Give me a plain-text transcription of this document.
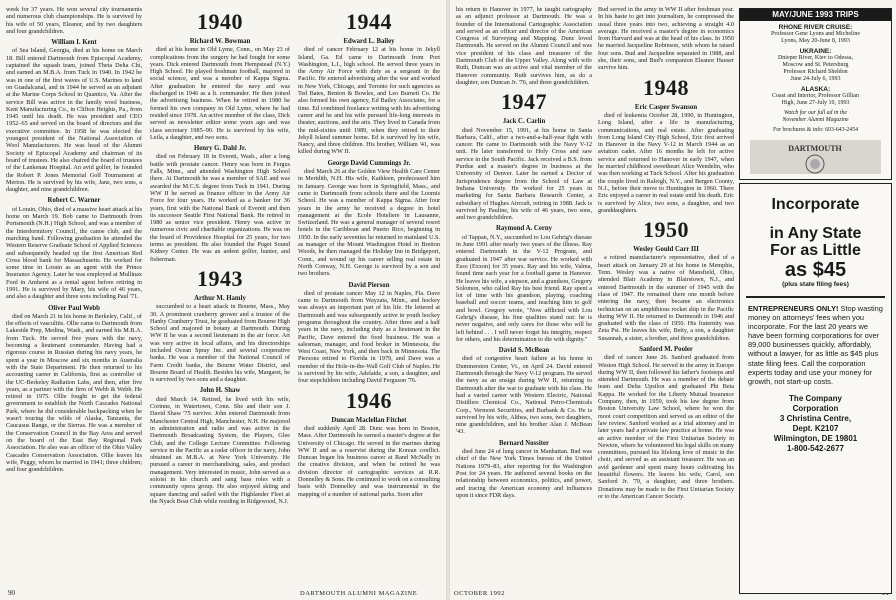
week for 37 years. He won several city tournaments and numerous club championships. He is survived by his wife of 50 years, Eleanor, and by two daughters and four grandchildren.

William I. Kent

of Sea Island, Georgia, died at his home on March 18. Bill entered Dartmouth from Episcopal Academy, captained the squash team, joined Theta Delta Chi, and earned an M.B.A. from Tuck in 1940. In 1942 he was in one of the first waves of U.S. Marines to land on Guadalcanal, and in 1944 he served as an adjutant at the Marine Corps School in Quantico, Va. After the service Bill was active in the family wool business, Kent Manufacturing Co., in Clifton Heights, Pa., from 1945 until his death. He was president and CEO 1952–65 and served on the board of directors and the executive committee. In 1958 he was elected the youngest president of the National Association of Wool Manufacturers. He was head of the Alumni Society of Episcopal Academy and chairman of its board of trustees. He also chaired the board of trustees of the Lankenau Hospital. An avid golfer, he founded the Robert P. Jones Memorial Golf Tournament at Merion. He is survived by his wife, Jane, two sons, a daughter, and nine grandchildren.

Robert C. Warner

of Lorain, Ohio, died of a massive heart attack at his home on March 19. Bob came to Dartmouth from Portsmouth (N.H.) High School, and was a member of the Interdormitory Council, the canoe club, and the marching band. Following graduation he attended the Western Reserve Graduate School of Applied Sciences and subsequently headed up the first American Red Cross blood bank for Massachusetts. He worked for some time in Lorain as an agent with the Prince Insurance Agency. Later he was employed at Mullinax Ford in Amherst as a rental agent before retiring in 1991. He is survived by Mary, his wife of 46 years, and also a daughter and three sons including Paul '71.

Oliver Paul Webb

died on March 21 in his home in Berkeley, Calif., of the effects of vasculitis. Ollie came to Dartmouth from Lakeside Prep, Medina, Wash., and earned his M.B.A. from Tuck. He served five years with the navy, becoming a lieutenant commander. Having had a rigorous course in Russian during his navy years, he spent a year in Moscow and six months in Australia with the State Department. He then returned to his accounting career in California, first as controller of the UC-Berkeley Radiation Labs, and then, after five years, as a partner with the firm of Webb & Webb. He retired in 1975. Ollie fought to get the federal government to establish the North Cascades National Park, where he did considerable backpacking when he wasn't touring the wilds of Alaska, Tanzania, the Caucasus Range, or the Sierras. He was a member of the Conservation Council in the Bay Area and served on the board of the East Bay Regional Park Association. He also was an officer of the Ohio Valley Cascades Conservation Association. Ollie leaves his wife, Peggy, whom he married in 1941; three children; and four grandchildren.

1940
Richard W. Bowman

died at his home in Old Lyme, Conn., on May 23 of complications from the surgery he had fought for some years. Dick entered Dartmouth from Hempstead (N.Y.) High School. He played freshman football, majored in social science, and was a member of Kappa Sigma. After graduation he entered the navy and was discharged in 1946 as a lt. commander. He then joined the advertising business. When he retired in 1980 he formed his own company in Old Lyme, where he had resided since 1978. An active member of the class, Dick served as newsletter editor some years ago and was class secretary 1985–90. He is survived by his wife, Leila, a daughter, and two sons.

Henry G. Dahl Jr.

died on February 18 in Everett, Wash., after a long battle with prostate cancer. Henry was born in Fergus Falls, Minn., and attended Washington High School there. At Dartmouth he was a member of SAE and was awarded the M.C.S. degree from Tuck in 1941. During WW II he served as finance officer in the Army Air Force for four years. He worked as a banker for 36 years, first with the National Bank of Everett and then its successor Seattle First National Bank. He retired in 1980 as senior vice president. Henry was active in numerous civic and charitable organizations. He was on the board of Providence Hospital for 25 years, for two terms as president. He also founded the Puget Sound Kidney Center. He was an ardent golfer, hunter, and fisherman.

1943
Arthur M. Hamly

succumbed to a heart attack in Bourne, Mass., May 30. A prominent cranberry grower and a trustee of the Hanby Cranberry Trust, he graduated from Bourne High School and majored in botany at Dartmouth. During WW II he was a second lieutenant in the air force. Art was very active in local affairs, and his directorships included Ocean Spray Inc. and several cooperative banks. He was a member of the National Council of Farm Credit banks, the Bourne Water District, and Bourne Board of Health. Besides his wife, Margaret, he is survived by two sons and a daughter.

John H. Shaw

died March 14. Retired, he lived with his wife, Corinne, in Watertown, Conn. She and their son J. David Shaw '75 survive. John entered Dartmouth from Manchester Central High, Manchester, N.H. He majored in administration and radio and was active in the Dartmouth Broadcasting System, the Players, Glee Club, and the College Lecture Committee. Following service in the Pacific as a radar officer in the navy, John obtained an M.B.A. at New York University. He pursued a career in merchandising, sales, and product management. Very interested in music, John served as a soloist in his church and sang bass roles with a community opera group. He also enjoyed skiing and square dancing and sailed with the Highlander Fleet at the Nyack Boat Club while residing in Ridgewood, N.J.

1944
Edward L. Bailey

died of cancer February 12 at his home in Jekyll Island, Ga. Ed came to Dartmouth from Port Washington, L.I., high school. He served three years in the Army Air Force with duty as a sergeant in the Pacific. He entered advertising after the war and worked in New York, Chicago, and Toronto for such agencies as Ted Bates, Benton & Bowles, and Leo Burnett Co. He also formed his own agency, Ed Bailey Associates, for a time. Ed combined freelance writing with his advertising career and he and his wife pursued life-long interests in theater, auctions, and the arts. They lived in Canada from the mid-sixties until 1989, when they retired to their Jekyll Island summer home. Ed is survived by his wife, Nancy, and three children. His brother, William '41, was killed during WW II.

George David Cummings Jr.

died March 26 at the Golden View Health Care Center in Meridith, N.H. His wife, Kathleen, predeceased him in January. George was born in Springfield, Mass., and came to Dartmouth from schools there and the Loomis School. He was a member of Kappa Sigma. After four years in the army he received a degree in hotel management at the Ecole Hoteliere in Lausanne, Switzerland. He was a general manager of several resort hotels in the Caribbean and Puerto Rico, beginning in 1950. In the early seventies he returned to mainland U.S. as manager of the Mount Washington Hotel in Bretton Woods, he then managed the Holiday Inn in Bridgeport, Conn., and wound up his career selling real estate in North Conway, N.H. George is survived by a son and two brothers.

David Pierson

died of prostate cancer May 12 in Naples, Fla. Dave came to Dartmouth from Wayzata, Minn., and hockey was always an important part of his life. He lettered at Dartmouth and was subsequently active in youth hockey programs throughout the country. After three and a half years in the navy, including duty as a lieutenant in the Pacific, Dave entered the food business. He was a salesman, manager, and food broker in Minnesota, the West Coast, New York, and then back in Minnesota. The Piersons retired to Florida in 1979, and Dave was a member of the Hole-in-the-Wall Golf Club of Naples. He is survived by his wife, Adelaide, a son, a daughter, and four stepchildren including David Ferguson '76.

1946
Duncan Maclellan Fitchet

died suddenly April 28. Dunc was born in Boston, Mass. After Dartmouth he earned a master's degree at the University of Chicago. He served in the marines during WW II and as a reservist during the Korean conflict. Duncan began his business career at Rand McNally in the creative division, and when he retired he was division director of cartographic services at R.R. Donnelley & Sons. He continued to work on a consulting basis with Donnelley and was instrumental in the mapping of a number of national parks. Soon after

90	DARTMOUTH ALUMNI MAGAZINE

his return to Hanover in 1977, he taught cartography as an adjunct professor at Dartmouth. He was a founder of the International Cartographic Association and served as an officer and director of the American Congress of Surveying and Mapping. Dunc loved Dartmouth. He served on the Alumni Council and was vice president of his class and treasurer of the Dartmouth Club of the Upper Valley. Along with wife Ruth, Duncan was an active and vital member of the Hanover community. Ruth survives him, as do a daughter, son Duncan Jr. '76, and three grandchildren.

1947
Jack C. Carlin

died November 15, 1991, at his home in Santa Barbara, Calif., after a two-and-a-half-year fight with cancer. He came to Dartmouth with the Navy V-12 unit. He later transferred to Holy Cross and saw service in the South Pacific. Jack received a B.S. from Purdue and a master's degree in business at the University of Denver. Later he earned a Doctor of Jurisprudence degree from the School of Law at Indiana University. He worked for 25 years in marketing for Santa Barbara Research Center, a subsidiary of Hughes Aircraft, retiring in 1988. Jack is survived by Pauline, his wife of 46 years, two sons, and two grandchildren.

Raymond A. Cerny

of Tappan, N.Y., succumbed to Lou Gehrig's disease in June 1991 after nearly two years of the illness. Ray entered Dartmouth in the V-12 Program, and graduated in 1947 after war service. He worked with Esso (Exxon) for 35 years. Ray and his wife, Valma, found time each year for a football game in Hanover. He leaves his wife, a stepson, and a grandson, Gregory Solomon, who called Ray his best friend. Ray spent a lot of time with his grandson, playing, coaching baseball and soccer teams, and teaching him to golf and bowl. Gregory wrote, "Now afflicted with Lou Gehrig's disease, his fine qualities stand out: he is never negative, and only cares for those who will be left behind . . . I will never forget his integrity, respect for others, and his determination to die with dignity."

David S. McBean

died of congestive heart failure at his home in Dummerston Center, Vt., on April 24. David entered Dartmouth through the Navy V-12 program. He served the navy as an ensign during WW II, returning to Dartmouth after the war to graduate with his class. He had a varied career with Western Electric, National Distillers Chemical Co., National Petro-Chemicals Corp., Vermont Securities, and Burbank & Co. He is survived by his wife, Althea, two sons, two daughters, nine grandchildren, and his brother Alan J. McBean '43.

Bernard Nossiter

died June 24 of lung cancer in Manhattan. Bud was chief of the New York Times bureau of the United Nations 1979–83, after reporting for the Washington Post for 24 years. He authored several books on the relationship between economics, politics, and power, and tracing the American economy and influences upon it since FDR days.

Bud served in the army in WW II after freshman year. In his haste to get into journalism, he compressed the usual three years into two, achieving a straight 4.0 average. He received a master's degree in economics from Harvard and was at the head of his class. In 1950 he married Jacqueline Robinson, with whom he raised four sons. Bud and Jacqueline separated in 1988, and she, their sons, and Bud's companion Eleanor Hauser survive him.

1948
Eric Casper Swanson

died of leukemia October 28, 1990, in Huntington, Long Island, after a life in manufacturing, communications, and real estate. After graduating from Long Island City High School, Eric first arrived in Hanover in the Navy V-12 in March 1944 as an aviation cadet. After 16 months he left for active service and returned to Hanover in early 1947, when he married childhood sweetheart Alice Wendelin, who was then working at Tuck School. After his graduation the couple lived in Raleigh, N.Y., and Bergen County, N.J., before their move to Huntington in 1960. There Eric enjoyed a career in real estate until his death. Eric is survived by Alice, two sons, a daughter, and two granddaughters.

1950
Wesley Gould Carr III

a retired manufacturer's representative, died of a heart attack on January 29 at his home in Memphis, Tenn. Wesley was a native of Mansfield, Ohio, attended Blair Academy in Blairstown, N.J., and entered Dartmouth in the summer of 1945 with the class of 1947. He remained there one month before entering the navy, then became an electronics technician on an amphibious rocket ship in the Pacific during WW II. He returned to Dartmouth in 1946 and graduated with the class of 1950. His fraternity was Zeta Psi. He leaves his wife, Betty, a son, a daughter Susannah, a sister, a brother, and three grandchildren.

Sanford M. Pooler

died of cancer June 26. Sanford graduated from Weston High School. He served in the army in Europe during WW II, then followed his father's footsteps and attended Dartmouth. He was a member of the debate team and Delta Upsilon and graduated Phi Beta Kappa. He worked for the Liberty Mutual Insurance Company, then, in 1959, took his law degree from Boston University Law School, where he won the moot court competition and served as an editor of the law review. Sanford worked as a trial attorney and in later years had a private law practice at home. He was an active member of the First Unitarian Society in Newton, where he volunteered his legal skills on many committees, pursued his lifelong love of music in the choir, and served as an assistant treasurer. He was an avid gardener and spent many hours cultivating his beautiful flowers. He leaves his wife, Carol, son Sanford Jr. '79, a daughter, and three brothers. Donations may be made to the First Unitarian Society or to the American Cancer Society.

OCTOBER 1992
MAY/JUNE 1993 TRIPS
RHONE RIVER CRUISE:
Professor Gene Lyons and Micheline
Lyons, May 20-June 8, 1993
UKRAINE:
Dnieper River, Kiev to Odessa,
Moscow and St. Petersburg
Professor Richard Sheldon
June 24-July 6, 1993
ALASKA:
Coast and Interior, Professor Gillian
High, June 27-July 10, 1993
Watch for our full ad in the
November Alumni Magazine
For brochures & info: 603-643-2454
DARTMOUTH
Incorporate
in Any State
For as Little
as $45
(plus state filing fees)
ENTREPRENEURS ONLY! Stop wasting money on attorneys' fees when you incorporate. For the last 20 years we have been forming corporations for over 89,000 businesses quickly, affordably, without a lawyer, for as little as $45 plus state filing fees. Call the corporation experts today and use your money for growth, not start-up costs.
The Company
Corporation
3 Christina Centre,
Dept. K2107
Wilmington, DE 19801
1-800-542-2677
